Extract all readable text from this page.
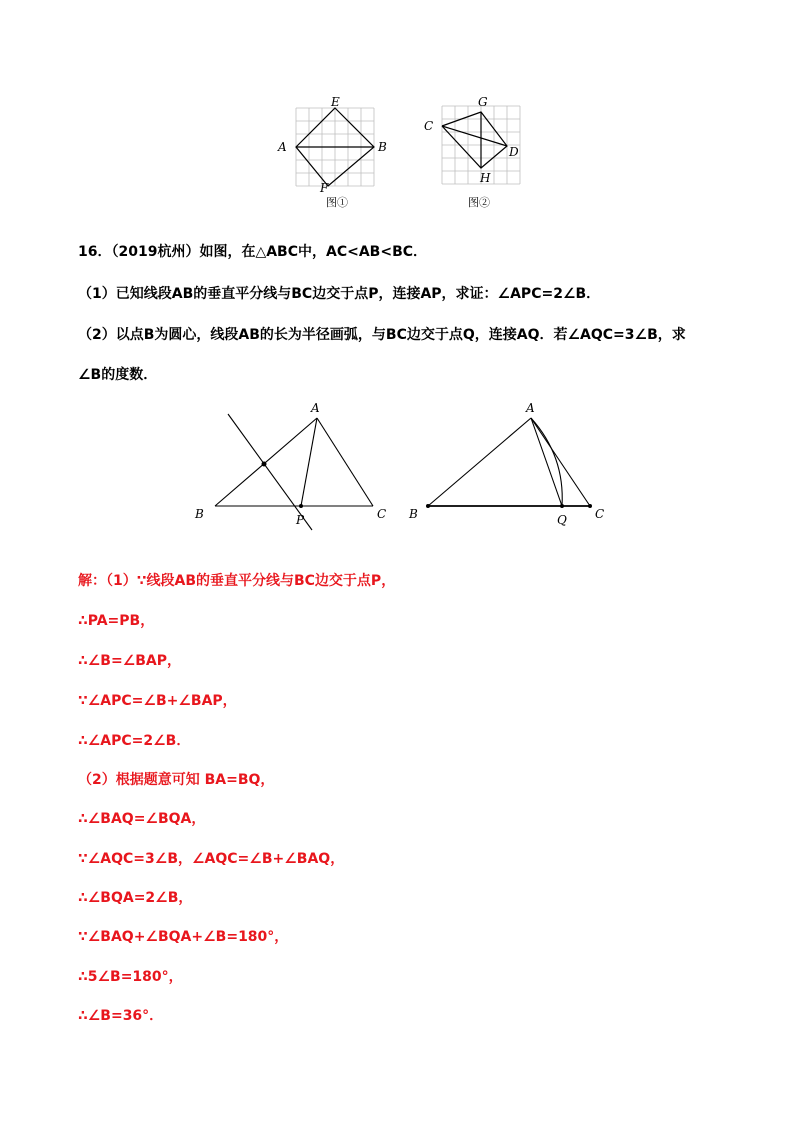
E
A	B
F
图①
C
G
D
H
图②
16．（2019杭州）如图，在△ABC中，AC<AB<BC．
（1）已知线段AB的垂直平分线与BC边交于点P，连接AP，求证：∠APC=2∠B．
（2）以点B为圆心，线段AB的长为半径画弧，与BC边交于点Q，连接AQ．若∠AQC=3∠B，求
∠B的度数．
A
B	P	C
A
B	Q C
解：（1）∵线段AB的垂直平分线与BC边交于点P，
∴PA=PB，
∴∠B=∠BAP，
∵∠APC=∠B+∠BAP，
∴∠APC=2∠B．
（2）根据题意可知 BA=BQ，
∴∠BAQ=∠BQA，
∵∠AQC=3∠B，∠AQC=∠B+∠BAQ，
∴∠BQA=2∠B，
∵∠BAQ+∠BQA+∠B=180°，
∴5∠B=180°，
∴∠B=36°．
